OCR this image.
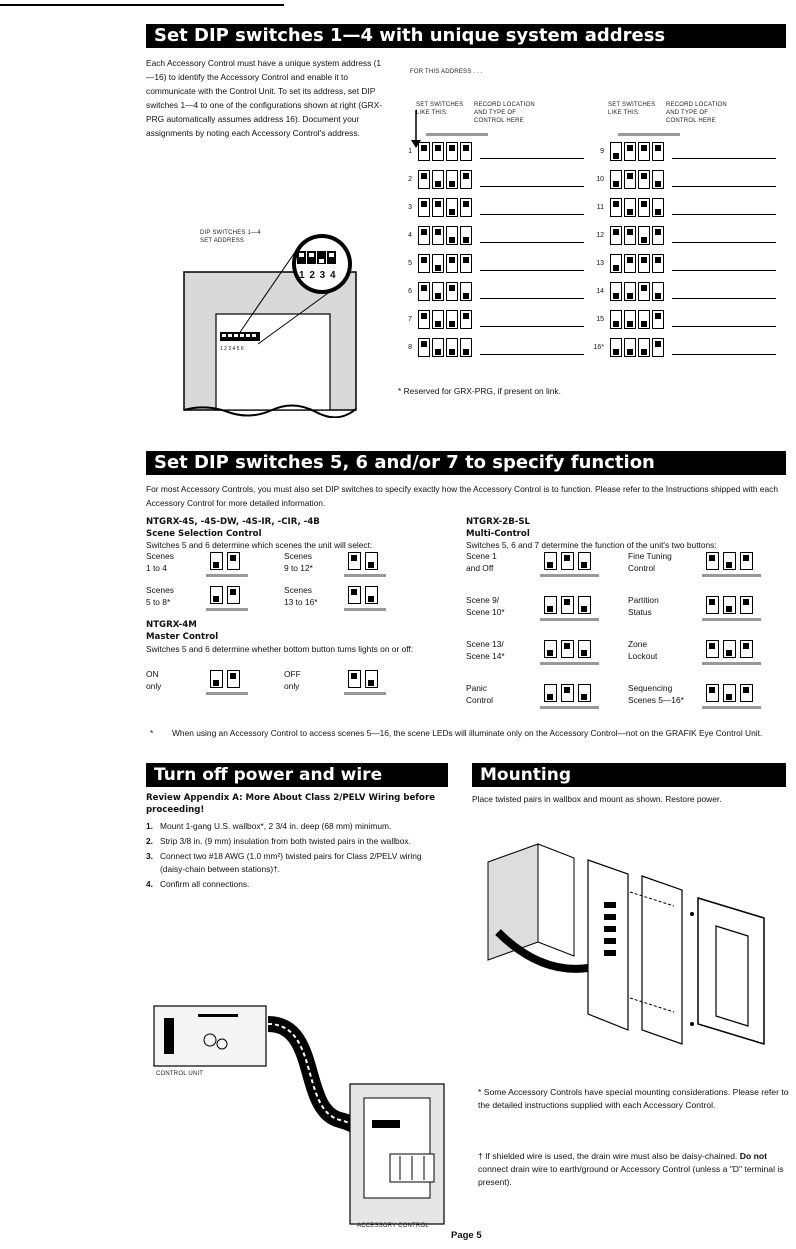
Set DIP switches 1—4 with unique system address
Each Accessory Control must have a unique system address (1—16) to identify the Accessory Control and enable it to communicate with the Control Unit. To set its address, set DIP switches 1—4 to one of the configurations shown at right (GRX-PRG automatically assumes address 16). Document your assignments by noting each Accessory Control's address.
DIP SWITCHES 1—4
SET ADDRESS
1 2 3 4
1 2 3 4 5 6
FOR THIS ADDRESS . . .
SET SWITCHES
LIKE THIS:
RECORD LOCATION
AND TYPE OF
CONTROL HERE
SET SWITCHES
LIKE THIS:
RECORD LOCATION
AND TYPE OF
CONTROL HERE
1
2
3
4
5
6
7
8
9
10
11
12
13
14
15
16*
* Reserved for GRX-PRG, if present on link.
Set DIP switches 5, 6 and/or 7 to specify function
For most Accessory Controls, you must also set DIP switches to specify exactly how the Accessory Control is to function. Please refer to the Instructions shipped with each Accessory Control for more detailed information.
NTGRX-4S, -4S-DW, -4S-IR, -CIR, -4B
Scene Selection Control
Switches 5 and 6 determine which scenes the unit will select:
Scenes
1 to 4
Scenes
9 to 12*
Scenes
5 to 8*
Scenes
13 to 16*
NTGRX-4M
Master Control
Switches 5 and 6 determine whether bottom button turns lights on or off:
ON
only
OFF
only
NTGRX-2B-SL
Multi-Control
Switches 5, 6 and 7 determine the function of the unit's two buttons:
Scene 1
and Off
Fine Tuning
Control
Scene 9/
Scene 10*
Partition
Status
Scene 13/
Scene 14*
Zone
Lockout
Panic
Control
Sequencing
Scenes 5—16*
* When using an Accessory Control to access scenes 5—16, the scene LEDs will illuminate only on the Accessory Control—not on the GRAFIK Eye Control Unit.
Turn off power and wire
Review Appendix A: More About Class 2/PELV Wiring before proceeding!
1. Mount 1-gang U.S. wallbox*, 2 3/4 in. deep (68 mm) minimum.
2. Strip 3/8 in. (9 mm) insulation from both twisted pairs in the wallbox.
3. Connect two #18 AWG (1.0 mm²) twisted pairs for Class 2/PELV wiring (daisy-chain between stations)†.
4. Confirm all connections.
CONTROL UNIT
ACCESSORY CONTROL
Mounting
Place twisted pairs in wallbox and mount as shown. Restore power.
* Some Accessory Controls have special mounting considerations. Please refer to the detailed instructions supplied with each Accessory Control.
† If shielded wire is used, the drain wire must also be daisy-chained. Do not connect drain wire to earth/ground or Accessory Control (unless a "D" terminal is present).
Page 5
